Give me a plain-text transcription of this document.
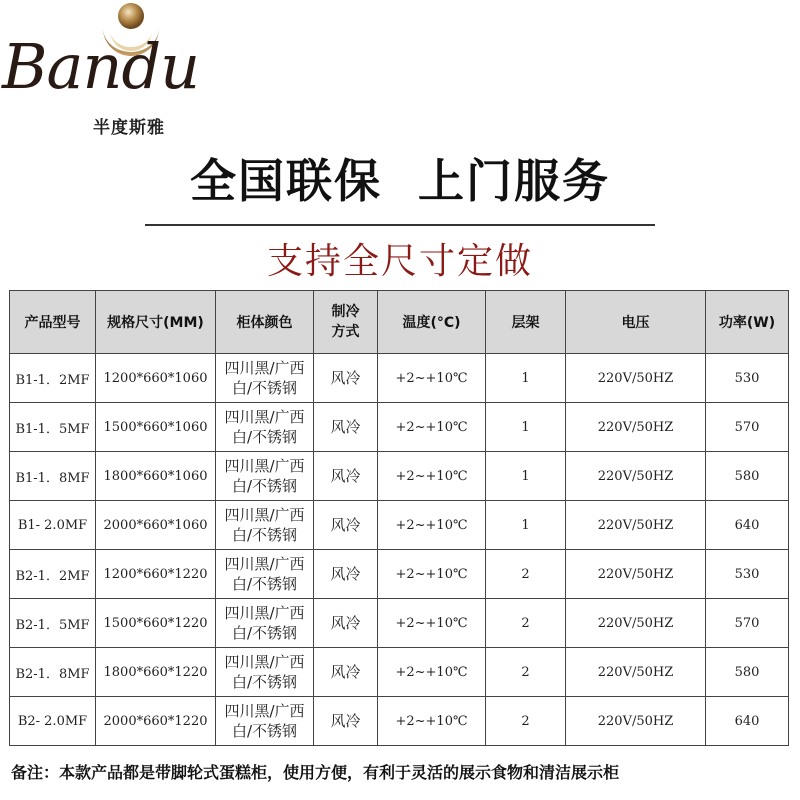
Bandu
半度斯雅
全国联保  上门服务
支持全尺寸定做
产品型号	规格尺寸(MM)	柜体颜色	制冷方式	温度(°C)	层架	电压	功率(W)
B1-1．2MF	1200*660*1060	四川黑/广西白/不锈钢	风冷	+2~+10℃	1	220V/50HZ	530
B1-1．5MF	1500*660*1060	四川黑/广西白/不锈钢	风冷	+2~+10℃	1	220V/50HZ	570
B1-1．8MF	1800*660*1060	四川黑/广西白/不锈钢	风冷	+2~+10℃	1	220V/50HZ	580
B1- 2.0MF	2000*660*1060	四川黑/广西白/不锈钢	风冷	+2~+10℃	1	220V/50HZ	640
B2-1．2MF	1200*660*1220	四川黑/广西白/不锈钢	风冷	+2~+10℃	2	220V/50HZ	530
B2-1．5MF	1500*660*1220	四川黑/广西白/不锈钢	风冷	+2~+10℃	2	220V/50HZ	570
B2-1．8MF	1800*660*1220	四川黑/广西白/不锈钢	风冷	+2~+10℃	2	220V/50HZ	580
B2- 2.0MF	2000*660*1220	四川黑/广西白/不锈钢	风冷	+2~+10℃	2	220V/50HZ	640
备注：本款产品都是带脚轮式蛋糕柜，使用方便，有利于灵活的展示食物和清洁展示柜
